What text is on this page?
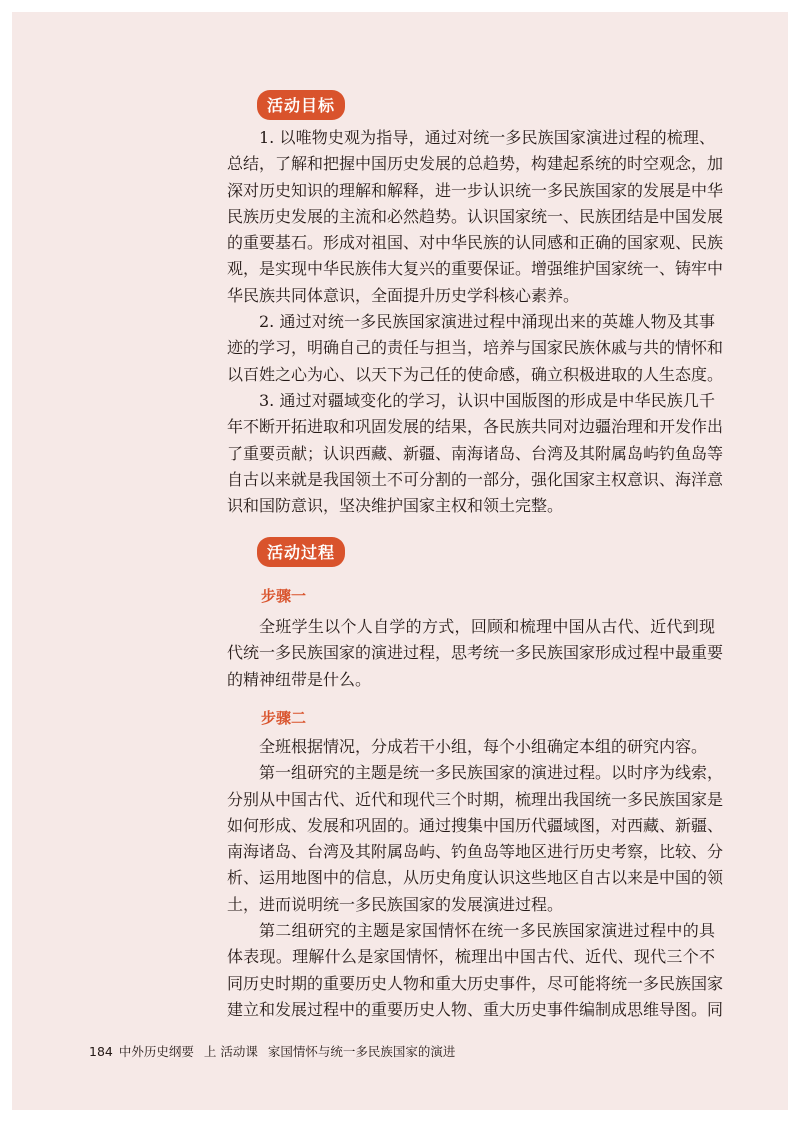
活动目标
1. 以唯物史观为指导，通过对统一多民族国家演进过程的梳理、
总结，了解和把握中国历史发展的总趋势，构建起系统的时空观念，加
深对历史知识的理解和解释，进一步认识统一多民族国家的发展是中华
民族历史发展的主流和必然趋势。认识国家统一、民族团结是中国发展
的重要基石。形成对祖国、对中华民族的认同感和正确的国家观、民族
观，是实现中华民族伟大复兴的重要保证。增强维护国家统一、铸牢中
华民族共同体意识，全面提升历史学科核心素养。
2. 通过对统一多民族国家演进过程中涌现出来的英雄人物及其事
迹的学习，明确自己的责任与担当，培养与国家民族休戚与共的情怀和
以百姓之心为心、以天下为己任的使命感，确立积极进取的人生态度。
3. 通过对疆域变化的学习，认识中国版图的形成是中华民族几千
年不断开拓进取和巩固发展的结果，各民族共同对边疆治理和开发作出
了重要贡献；认识西藏、新疆、南海诸岛、台湾及其附属岛屿钓鱼岛等
自古以来就是我国领土不可分割的一部分，强化国家主权意识、海洋意
识和国防意识，坚决维护国家主权和领土完整。
活动过程
步骤一
全班学生以个人自学的方式，回顾和梳理中国从古代、近代到现
代统一多民族国家的演进过程，思考统一多民族国家形成过程中最重要
的精神纽带是什么。
步骤二
全班根据情况，分成若干小组，每个小组确定本组的研究内容。
第一组研究的主题是统一多民族国家的演进过程。以时序为线索，
分别从中国古代、近代和现代三个时期，梳理出我国统一多民族国家是
如何形成、发展和巩固的。通过搜集中国历代疆域图，对西藏、新疆、
南海诸岛、台湾及其附属岛屿、钓鱼岛等地区进行历史考察，比较、分
析、运用地图中的信息，从历史角度认识这些地区自古以来是中国的领
土，进而说明统一多民族国家的发展演进过程。
第二组研究的主题是家国情怀在统一多民族国家演进过程中的具
体表现。理解什么是家国情怀，梳理出中国古代、近代、现代三个不
同历史时期的重要历史人物和重大历史事件，尽可能将统一多民族国家
建立和发展过程中的重要历史人物、重大历史事件编制成思维导图。同
184 中外历史纲要 上 活动课 家国情怀与统一多民族国家的演进
